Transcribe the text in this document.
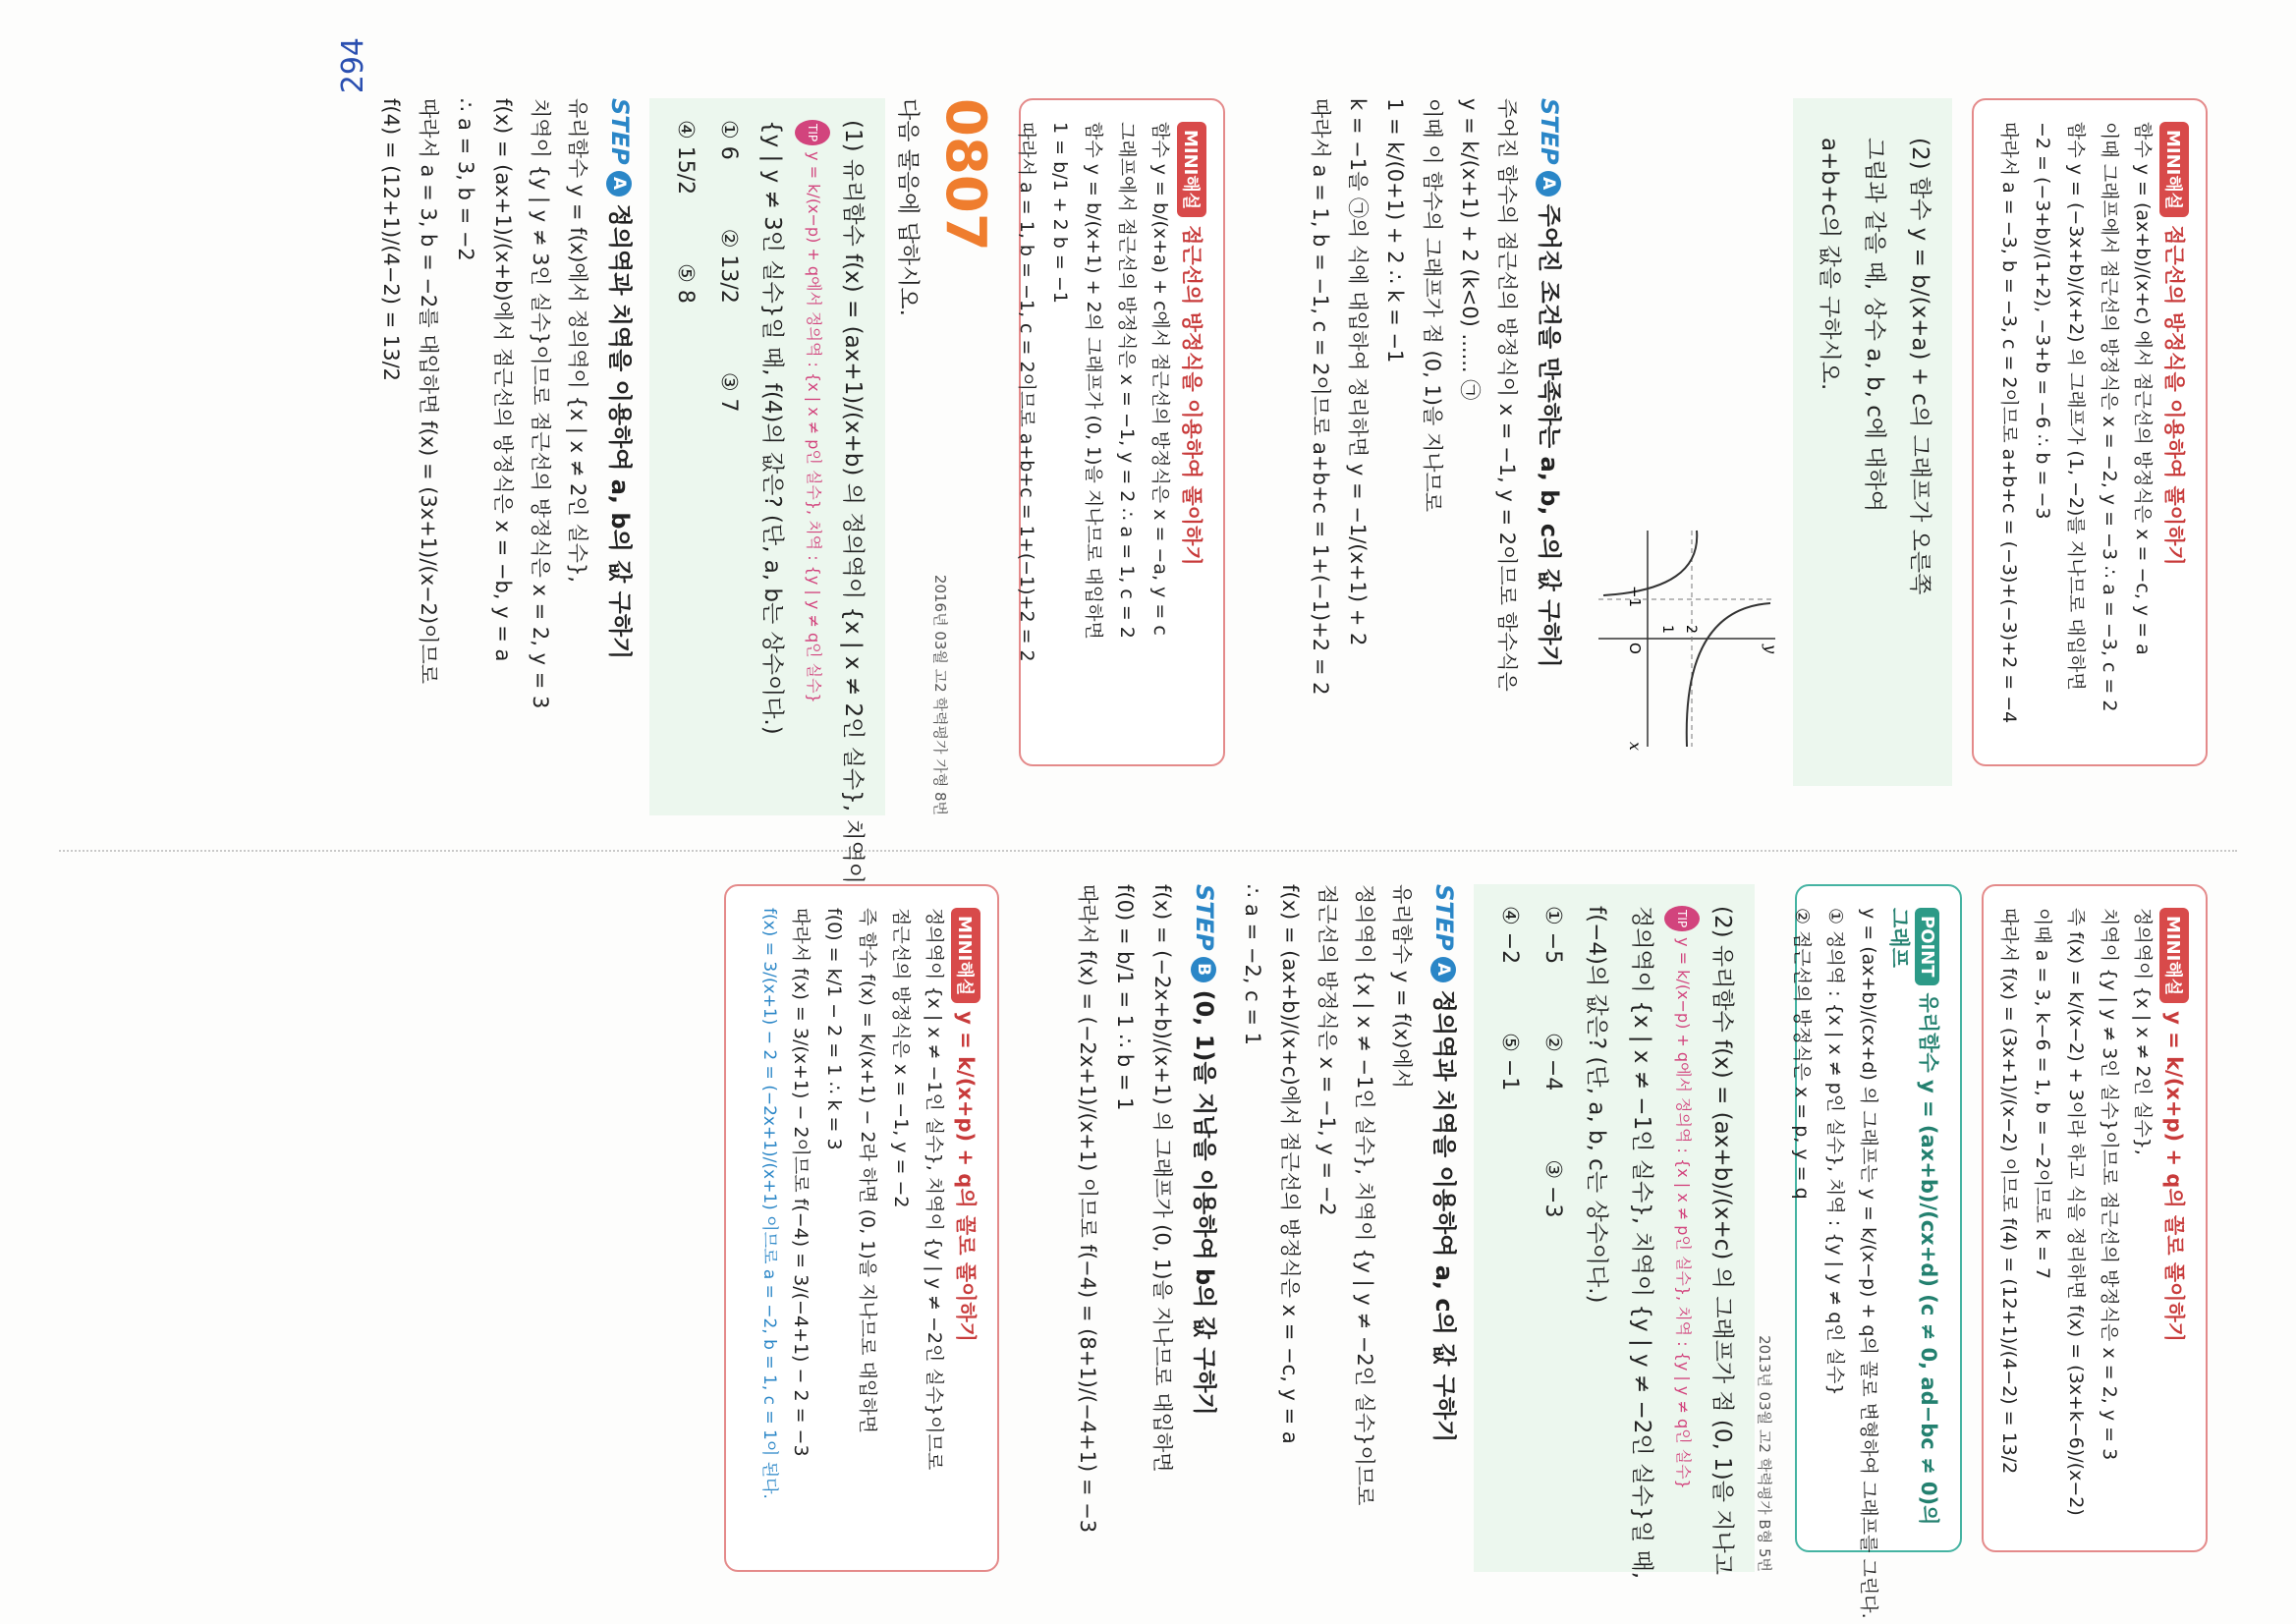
294
MINI해설점근선의 방정식을 이용하여 풀이하기
함수 y = (ax+b)/(x+c) 에서 점근선의 방정식은 x = −c, y = a
이때 그래프에서 점근선의 방정식은 x = −2, y = −3 ∴ a = −3, c = 2
함수 y = (−3x+b)/(x+2) 의 그래프가 (1, −2)를 지나므로 대입하면
−2 = (−3+b)/(1+2), −3+b = −6 ∴ b = −3
따라서 a = −3, b = −3, c = 2이므로 a+b+c = (−3)+(−3)+2 = −4
(2) 함수 y = b/(x+a) + c의 그래프가 오른쪽
그림과 같을 때, 상수 a, b, c에 대하여
a+b+c의 값을 구하시오.
x
y
O
−1
1 2
STEPA주어진 조건을 만족하는 a, b, c의 값 구하기
주어진 함수의 점근선의 방정식이 x = −1, y = 2이므로 함수식은
y = k/(x+1) + 2 (k<0) ...... ㉠
이때 이 함수의 그래프가 점 (0, 1)을 지나므로
1 = k/(0+1) + 2 ∴ k = −1
k = −1을 ㉠의 식에 대입하여 정리하면 y = −1/(x+1) + 2
따라서 a = 1, b = −1, c = 2이므로 a+b+c = 1+(−1)+2 = 2
MINI해설점근선의 방정식을 이용하여 풀이하기
함수 y = b/(x+a) + c에서 점근선의 방정식은 x = −a, y = c
그래프에서 점근선의 방정식은 x = −1, y = 2 ∴ a = 1, c = 2
함수 y = b/(x+1) + 2의 그래프가 (0, 1)을 지나므로 대입하면
1 = b/1 + 2 b = −1
따라서 a = 1, b = −1, c = 2이므로 a+b+c = 1+(−1)+2 = 2
0807
2016년 03월 고2 학력평가 가형 8번
다음 물음에 답하시오.
(1) 유리함수 f(x) = (ax+1)/(x+b) 의 정의역이 {x | x ≠ 2인 실수}, 치역이
TIPy = k/(x−p) + q에서 정의역 : {x | x ≠ p인 실수}, 치역 : {y | y ≠ q인 실수}
{y | y ≠ 3인 실수}일 때, f(4)의 값은? (단, a, b는 상수이다.)
① 6
② 13/2
③ 7
④ 15/2
⑤ 8
STEPA정의역과 치역을 이용하여 a, b의 값 구하기
유리함수 y = f(x)에서 정의역이 {x | x ≠ 2인 실수},
치역이 {y | y ≠ 3인 실수}이므로 점근선의 방정식은 x = 2, y = 3
f(x) = (ax+1)/(x+b)에서 점근선의 방정식은 x = −b, y = a
∴ a = 3, b = −2
따라서 a = 3, b = −2를 대입하면 f(x) = (3x+1)/(x−2)이므로
f(4) = (12+1)/(4−2) = 13/2
MINI해설y = k/(x+p) + q의 꼴로 풀이하기
정의역이 {x | x ≠ 2인 실수},
치역이 {y | y ≠ 3인 실수}이므로 점근선의 방정식은 x = 2, y = 3
즉 f(x) = k/(x−2) + 3이라 하고 식을 정리하면 f(x) = (3x+k−6)/(x−2)
이때 a = 3, k−6 = 1, b = −2이므로 k = 7
따라서 f(x) = (3x+1)/(x−2) 이므로 f(4) = (12+1)/(4−2) = 13/2
POINT유리함수 y = (ax+b)/(cx+d) (c ≠ 0, ad−bc ≠ 0)의 그래프
y = (ax+b)/(cx+d) 의 그래프는 y = k/(x−p) + q의 꼴로 변형하여 그래프를 그린다.
① 정의역 : {x | x ≠ p인 실수}, 치역 : {y | y ≠ q인 실수}
② 점근선의 방정식은 x = p, y = q
2013년 03월 고2 학력평가 B형 5번
(2) 유리함수 f(x) = (ax+b)/(x+c) 의 그래프가 점 (0, 1)을 지나고
TIPy = k/(x−p) + q에서 정의역 : {x | x ≠ p인 실수}, 치역 : {y | y ≠ q인 실수}
정의역이 {x | x ≠ −1인 실수}, 치역이 {y | y ≠ −2인 실수}일 때,
f(−4)의 값은? (단, a, b, c는 상수이다.)
① −5
② −4
③ −3
④ −2
⑤ −1
STEPA정의역과 치역을 이용하여 a, c의 값 구하기
유리함수 y = f(x)에서
정의역이 {x | x ≠ −1인 실수}, 치역이 {y | y ≠ −2인 실수}이므로
점근선의 방정식은 x = −1, y = −2
f(x) = (ax+b)/(x+c)에서 점근선의 방정식은 x = −c, y = a
∴ a = −2, c = 1
STEPB(0, 1)을 지남을 이용하여 b의 값 구하기
f(x) = (−2x+b)/(x+1) 의 그래프가 (0, 1)을 지나므로 대입하면
f(0) = b/1 = 1 ∴ b = 1
따라서 f(x) = (−2x+1)/(x+1) 이므로 f(−4) = (8+1)/(−4+1) = −3
MINI해설y = k/(x+p) + q의 꼴로 풀이하기
정의역이 {x | x ≠ −1인 실수}, 치역이 {y | y ≠ −2인 실수}이므로
점근선의 방정식은 x = −1, y = −2
즉 함수 f(x) = k/(x+1) − 2라 하면 (0, 1)을 지나므로 대입하면
f(0) = k/1 − 2 = 1 ∴ k = 3
따라서 f(x) = 3/(x+1) − 2이므로 f(−4) = 3/(−4+1) − 2 = −3
f(x) = 3/(x+1) − 2 = (−2x+1)/(x+1) 이므로 a = −2, b = 1, c = 1이 된다.
